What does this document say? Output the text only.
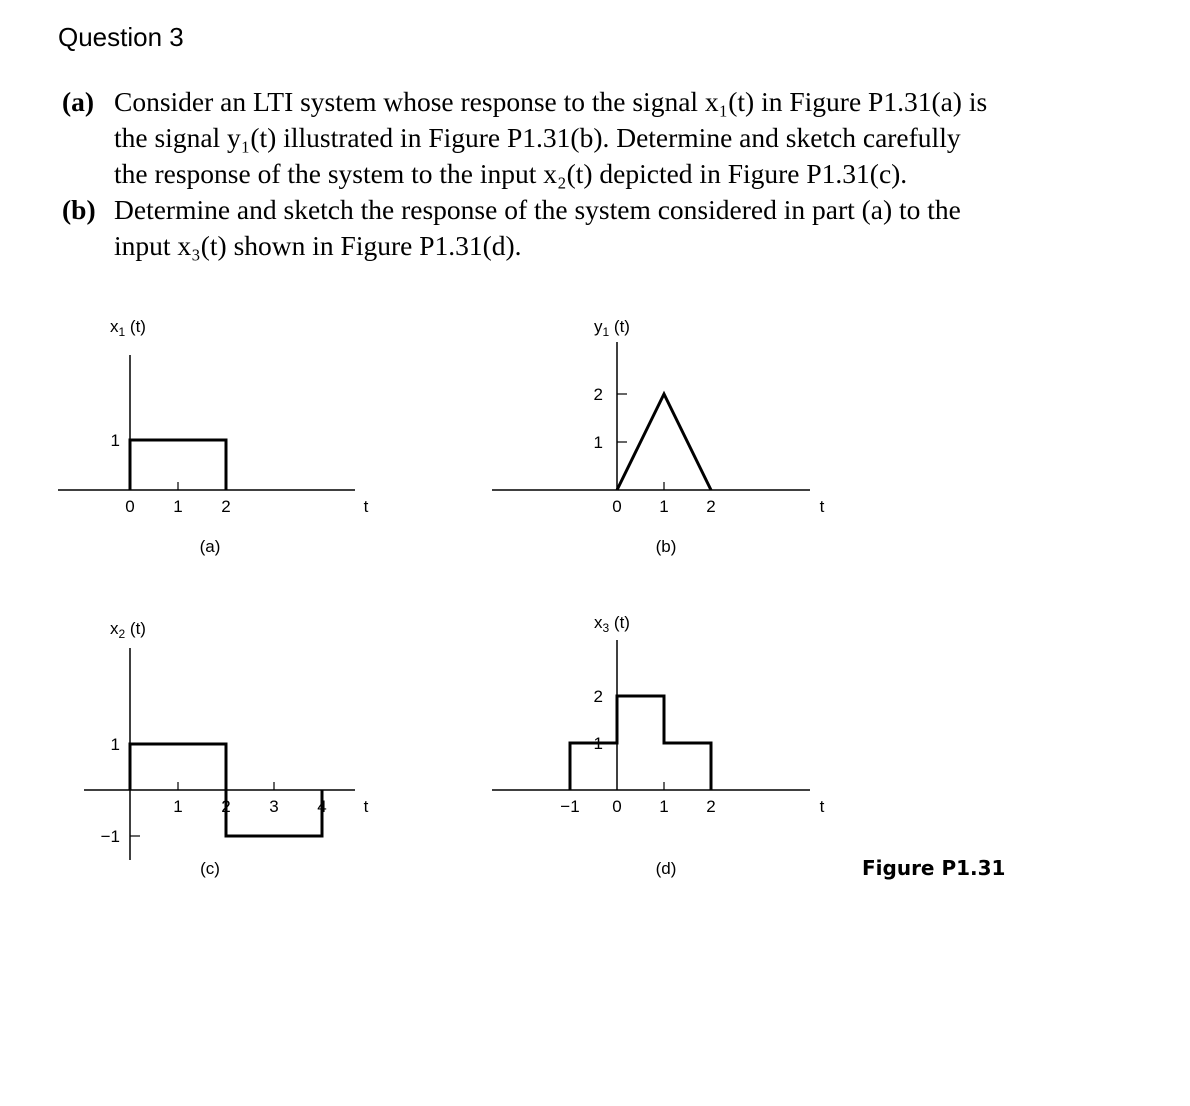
Question 3
(a) Consider an LTI system whose response to the signal x₁(t) in Figure P1.31(a) is
the signal y₁(t) illustrated in Figure P1.31(b). Determine and sketch carefully
the response of the system to the input x₂(t) depicted in Figure P1.31(c).
(b) Determine and sketch the response of the system considered in part (a) to the
input x₃(t) shown in Figure P1.31(d).
0 1 2
1
t
$x_1$ (t)
(a)
0 1 2
2
1
t
$y_1$ (t)
(b)
1 2 3 4
1
−1
t
$x_2$ (t)
(c)
−1 0 1 2
2
1
t
$x_3$ (t)
(d)	Figure P1.31
